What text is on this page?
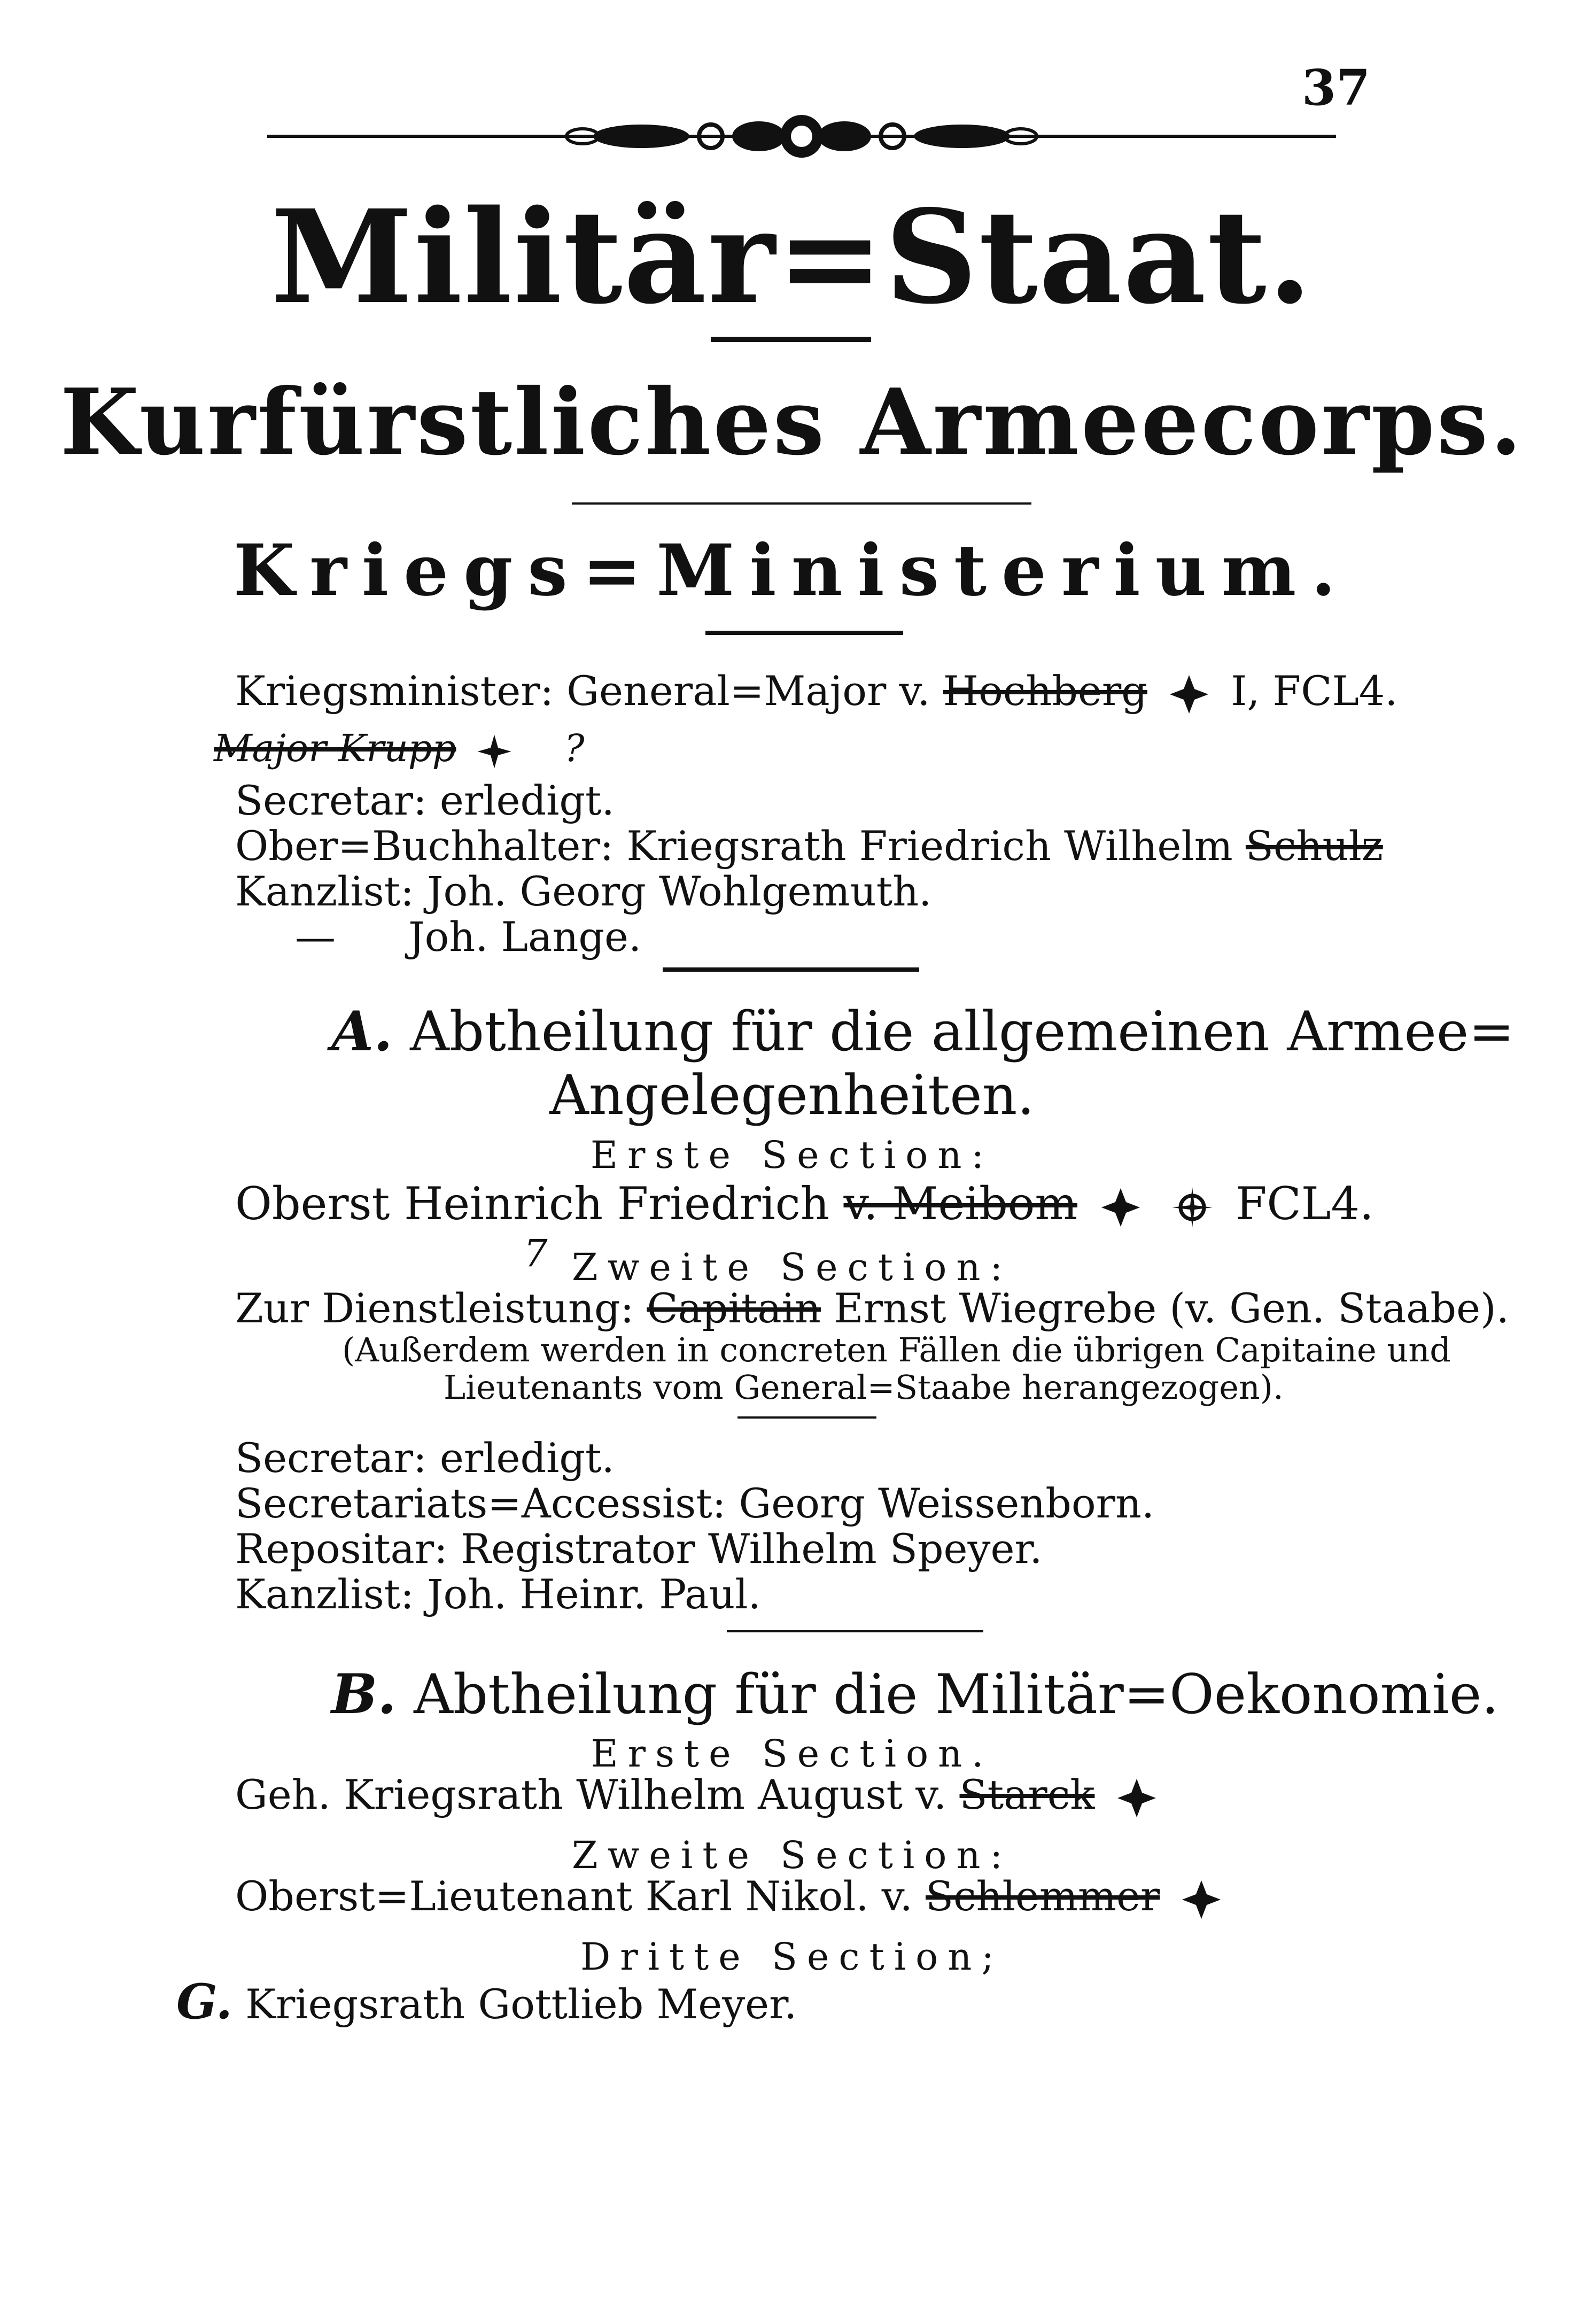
37
Militär=Staat.
Kurfürstliches Armeecorps.
Kriegs=Ministerium.
Kriegsminister: General=Major v. Hochberg I, FCL4.
Major Krupp	?
Secretar: erledigt.
Ober=Buchhalter: Kriegsrath Friedrich Wilhelm Schulz
Kanzlist: Joh. Georg Wohlgemuth.
— Joh. Lange.
A. Abtheilung für die allgemeinen Armee=
Angelegenheiten.
Erste Section:
Oberst Heinrich Friedrich v. Meibom	FCL4.
7 Zweite Section:
Zur Dienstleistung: Capitain Ernst Wiegrebe (v. Gen. Staabe).
(Außerdem werden in concreten Fällen die übrigen Capitaine und
Lieutenants vom General=Staabe herangezogen).
Secretar: erledigt.
Secretariats=Accessist: Georg Weissenborn.
Repositar: Registrator Wilhelm Speyer.
Kanzlist: Joh. Heinr. Paul.
B. Abtheilung für die Militär=Oekonomie.
Erste Section.
Geh. Kriegsrath Wilhelm August v. Starck
Zweite Section:
Oberst=Lieutenant Karl Nikol. v. Schlemmer
Dritte Section;
G. Kriegsrath Gottlieb Meyer.
